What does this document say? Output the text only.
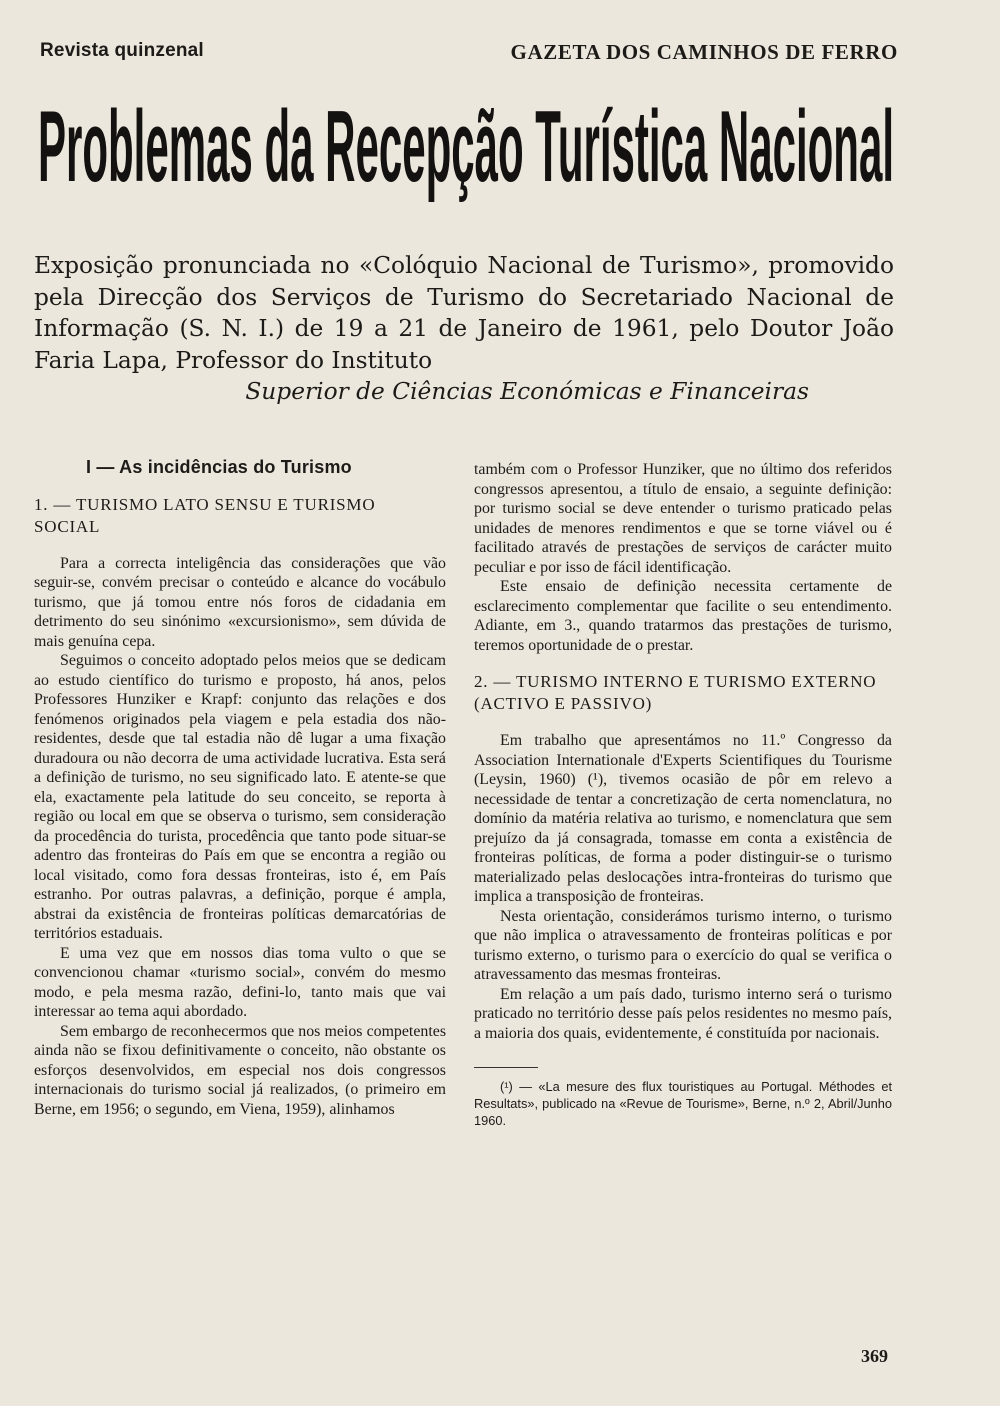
Revista quinzenal	GAZETA DOS CAMINHOS DE FERRO
Problemas da Recepção Turística Nacional
Exposição pronunciada no «Colóquio Nacional de Turismo», promovido pela Direcção dos Serviços de Turismo do Secretariado Nacional de Informação (S. N. I.) de 19 a 21 de Janeiro de 1961, pelo Doutor João Faria Lapa, Professor do Instituto
Superior de Ciências Económicas e Financeiras
I — As incidências do Turismo
1. — TURISMO LATO SENSU E TURISMO SOCIAL

Para a correcta inteligência das considerações que vão seguir-se, convém precisar o conteúdo e alcance do vocábulo turismo, que já tomou entre nós foros de cidadania em detrimento do seu sinónimo «excursionismo», sem dúvida de mais genuína cepa.

Seguimos o conceito adoptado pelos meios que se dedicam ao estudo científico do turismo e proposto, há anos, pelos Professores Hunziker e Krapf: conjunto das relações e dos fenómenos originados pela viagem e pela estadia dos não-residentes, desde que tal estadia não dê lugar a uma fixação duradoura ou não decorra de uma actividade lucrativa. Esta será a definição de turismo, no seu significado lato. E atente-se que ela, exactamente pela latitude do seu conceito, se reporta à região ou local em que se observa o turismo, sem consideração da procedência do turista, procedência que tanto pode situar-se adentro das fronteiras do País em que se encontra a região ou local visitado, como fora dessas fronteiras, isto é, em País estranho. Por outras palavras, a definição, porque é ampla, abstrai da existência de fronteiras políticas demarcatórias de territórios estaduais.

E uma vez que em nossos dias toma vulto o que se convencionou chamar «turismo social», convém do mesmo modo, e pela mesma razão, defini-lo, tanto mais que vai interessar ao tema aqui abordado.

Sem embargo de reconhecermos que nos meios competentes ainda não se fixou definitivamente o conceito, não obstante os esforços desenvolvidos, em especial nos dois congressos internacionais do turismo social já realizados, (o primeiro em Berne, em 1956; o segundo, em Viena, 1959), alinhamos

também com o Professor Hunziker, que no último dos referidos congressos apresentou, a título de ensaio, a seguinte definição: por turismo social se deve entender o turismo praticado pelas unidades de menores rendimentos e que se torne viável ou é facilitado através de prestações de serviços de carácter muito peculiar e por isso de fácil identificação.

Este ensaio de definição necessita certamente de esclarecimento complementar que facilite o seu entendimento. Adiante, em 3., quando tratarmos das prestações de turismo, teremos oportunidade de o prestar.

2. — TURISMO INTERNO E TURISMO EXTERNO (ACTIVO E PASSIVO)

Em trabalho que apresentámos no 11.º Congresso da Association Internationale d'Experts Scientifiques du Tourisme (Leysin, 1960) (¹), tivemos ocasião de pôr em relevo a necessidade de tentar a concretização de certa nomenclatura, no domínio da matéria relativa ao turismo, e nomenclatura que sem prejuízo da já consagrada, tomasse em conta a existência de fronteiras políticas, de forma a poder distinguir-se o turismo materializado pelas deslocações intra-fronteiras do turismo que implica a transposição de fronteiras.

Nesta orientação, considerámos turismo interno, o turismo que não implica o atravessamento de fronteiras políticas e por turismo externo, o turismo para o exercício do qual se verifica o atravessamento das mesmas fronteiras.

Em relação a um país dado, turismo interno será o turismo praticado no território desse país pelos residentes no mesmo país, a maioria dos quais, evidentemente, é constituída por nacionais.

(¹) — «La mesure des flux touristiques au Portugal. Méthodes et Resultats», publicado na «Revue de Tourisme», Berne, n.º 2, Abril/Junho 1960.
369
